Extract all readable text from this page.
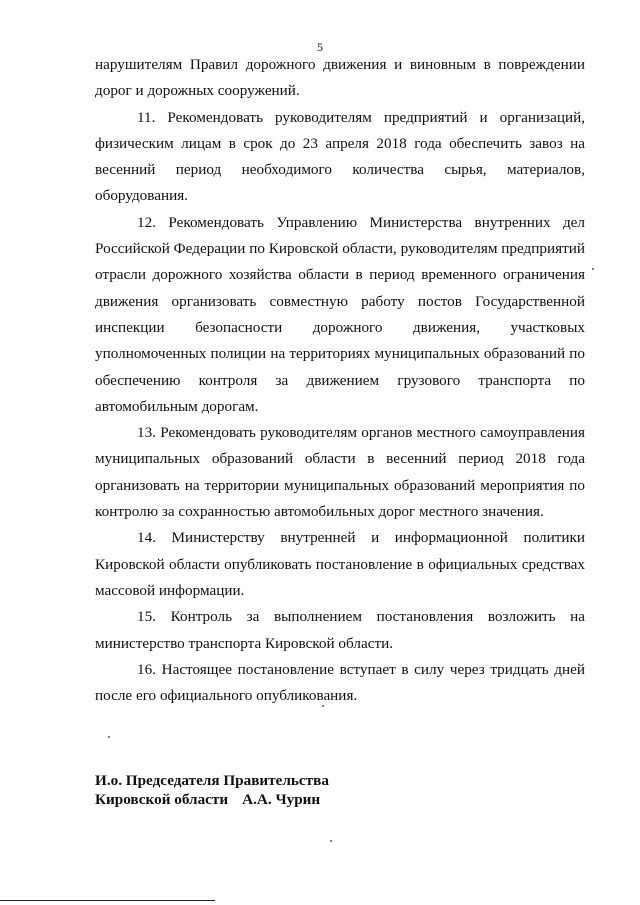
5

нарушителям Правил дорожного движения и виновным в повреждении дорог и дорожных сооружений.

11. Рекомендовать руководителям предприятий и организаций, физическим лицам в срок до 23 апреля 2018 года обеспечить завоз на весенний период необходимого количества сырья, материалов, оборудования.

12. Рекомендовать Управлению Министерства внутренних дел Российской Федерации по Кировской области, руководителям предприятий отрасли дорожного хозяйства области в период временного ограничения движения организовать совместную работу постов Государственной инспекции безопасности дорожного движения, участковых уполномоченных полиции на территориях муниципальных образований по обеспечению контроля за движением грузового транспорта по автомобильным дорогам.

13. Рекомендовать руководителям органов местного самоуправления муниципальных образований области в весенний период 2018 года организовать на территории муниципальных образований мероприятия по контролю за сохранностью автомобильных дорог местного значения.

14. Министерству внутренней и информационной политики Кировской области опубликовать постановление в официальных средствах массовой информации.

15. Контроль за выполнением постановления возложить на министерство транспорта Кировской области.

16. Настоящее постановление вступает в силу через тридцать дней после его официального опубликования.

И.о. Председателя Правительства
Кировской области А.А. Чурин
